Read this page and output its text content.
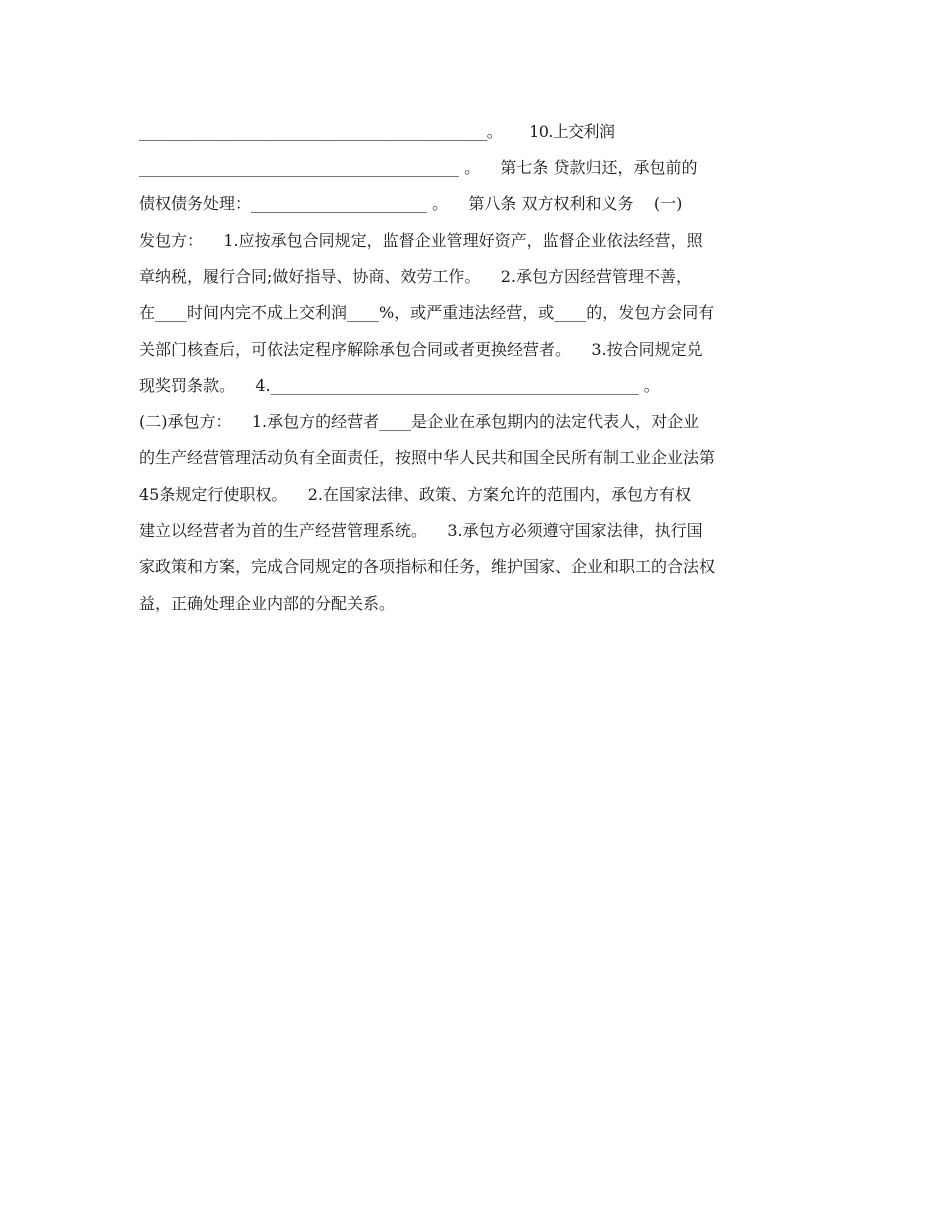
_______________________________________________。      10.上交利润
________________________________________ 。    第七条 贷款归还，承包前的
债权债务处理：______________________ 。    第八条 双方权利和义务    (一)
发包方：    1.应按承包合同规定，监督企业管理好资产，监督企业依法经营，照
章纳税，履行合同;做好指导、协商、效劳工作。    2.承包方因经营管理不善，
在____时间内完不成上交利润____%，或严重违法经营，或____的，发包方会同有
关部门核查后，可依法定程序解除承包合同或者更换经营者。    3.按合同规定兑
现奖罚条款。    4.______________________________________________ 。
(二)承包方：    1.承包方的经营者____是企业在承包期内的法定代表人，对企业
的生产经营管理活动负有全面责任，按照中华人民共和国全民所有制工业企业法第
45条规定行使职权。    2.在国家法律、政策、方案允许的范围内，承包方有权
建立以经营者为首的生产经营管理系统。    3.承包方必须遵守国家法律，执行国
家政策和方案，完成合同规定的各项指标和任务，维护国家、企业和职工的合法权
益，正确处理企业内部的分配关系。
